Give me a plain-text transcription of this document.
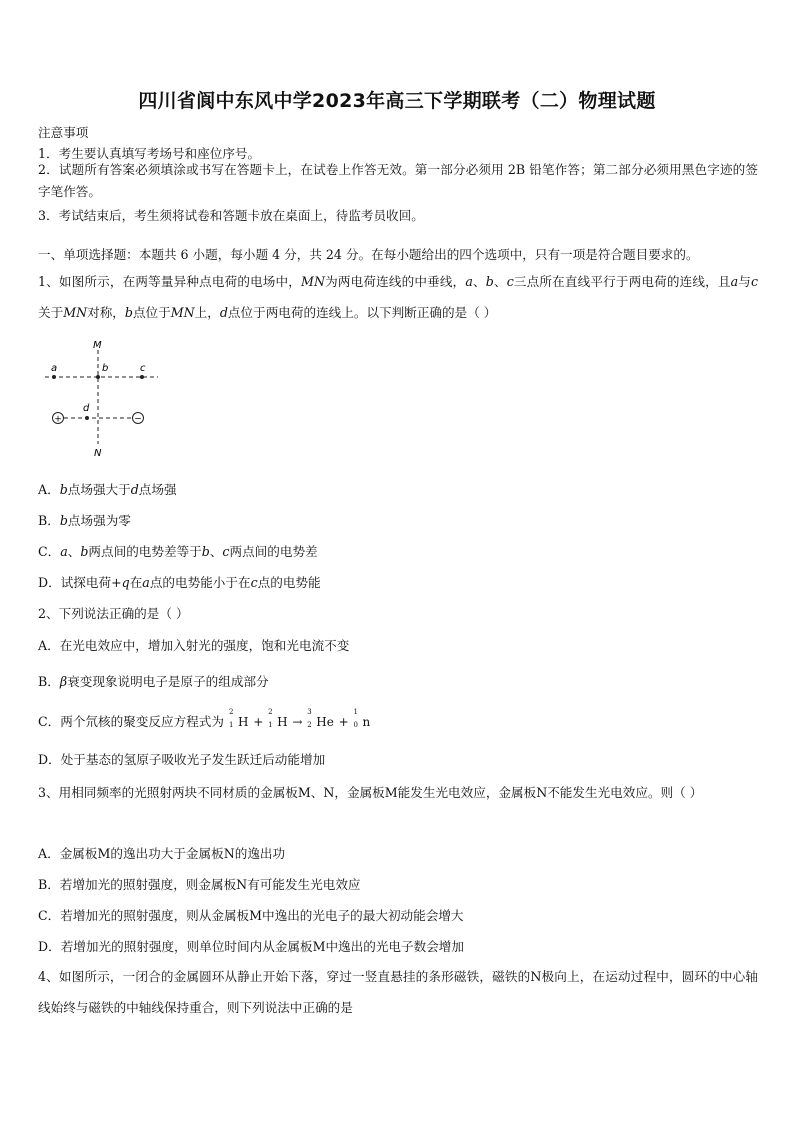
四川省阆中东风中学2023年高三下学期联考（二）物理试题
注意事项
1．考生要认真填写考场号和座位序号。
2．试题所有答案必须填涂或书写在答题卡上，在试卷上作答无效。第一部分必须用 2B 铅笔作答；第二部分必须用黑色字迹的签字笔作答。
3．考试结束后，考生须将试卷和答题卡放在桌面上，待监考员收回。
一、单项选择题：本题共 6 小题，每小题 4 分，共 24 分。在每小题给出的四个选项中，只有一项是符合题目要求的。
1、如图所示，在两等量异种点电荷的电场中，MN为两电荷连线的中垂线，a、b、c三点所在直线平行于两电荷的连线，且a与c关于MN对称，b点位于MN上，d点位于两电荷的连线上。以下判断正确的是（ ）
+	−
M
N
a	b	c
d
A．b点场强大于d点场强
B．b点场强为零
C．a、b两点间的电势差等于b、c两点间的电势差
D．试探电荷+q在a点的电势能小于在c点的电势能
2、下列说法正确的是（ ）
A．在光电效应中，增加入射光的强度，饱和光电流不变
B．β衰变现象说明电子是原子的组成部分
C．两个氘核的聚变反应方程式为
2
1 H +
2
1 H →
3
2 He +
1
0 n
D．处于基态的氢原子吸收光子发生跃迁后动能增加
3、用相同频率的光照射两块不同材质的金属板M、N，金属板M能发生光电效应，金属板N不能发生光电效应。则（ ）
A．金属板M的逸出功大于金属板N的逸出功
B．若增加光的照射强度，则金属板N有可能发生光电效应
C．若增加光的照射强度，则从金属板M中逸出的光电子的最大初动能会增大
D．若增加光的照射强度，则单位时间内从金属板M中逸出的光电子数会增加
4、如图所示，一闭合的金属圆环从静止开始下落，穿过一竖直悬挂的条形磁铁，磁铁的N极向上，在运动过程中，圆环的中心轴线始终与磁铁的中轴线保持重合，则下列说法中正确的是
